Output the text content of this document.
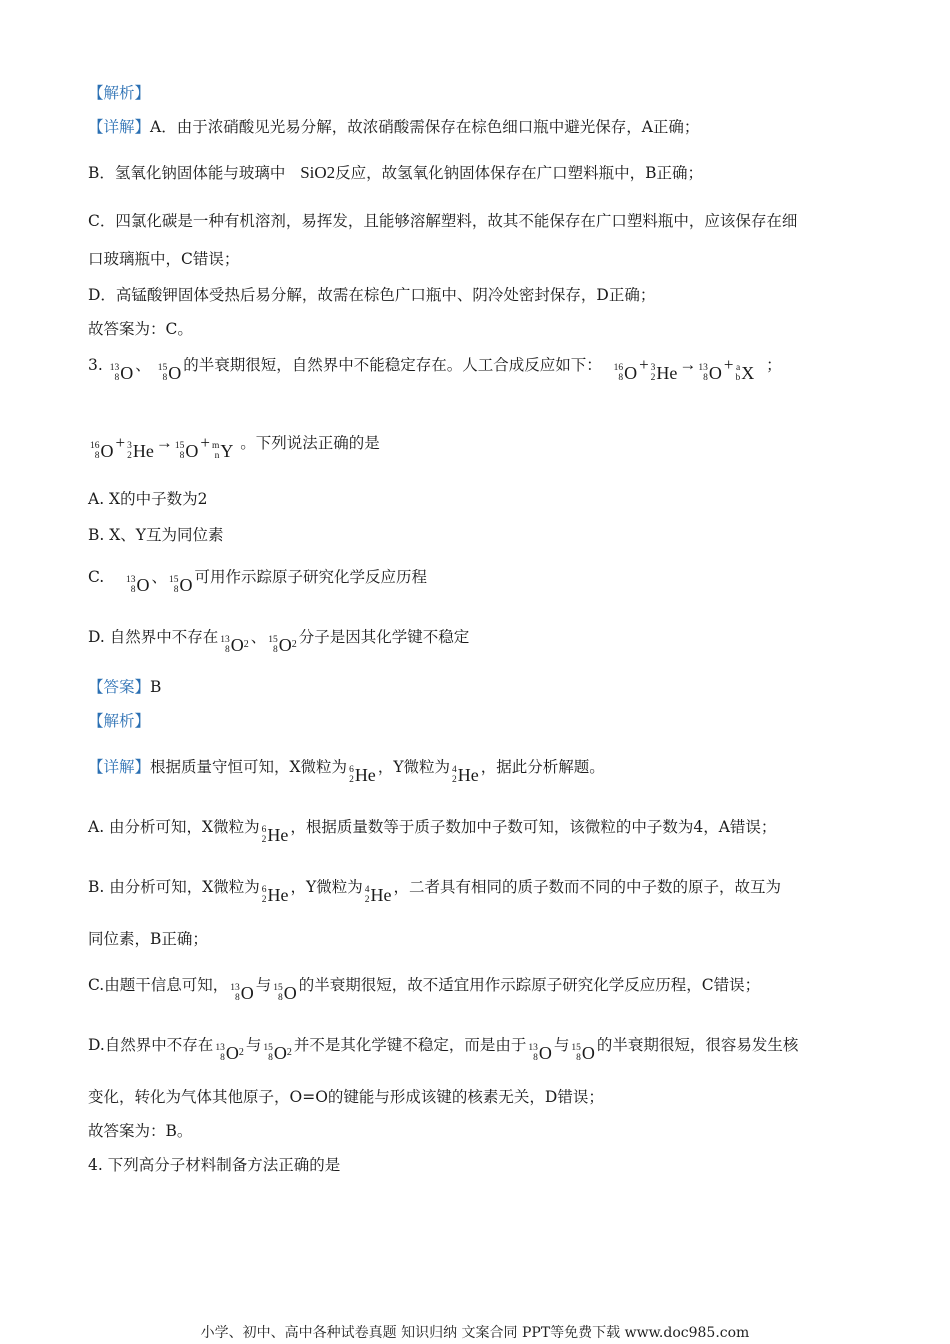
【解析】
【详解】A．由于浓硝酸见光易分解，故浓硝酸需保存在棕色细口瓶中避光保存，A正确；
B．氢氧化钠固体能与玻璃中 SiO2反应，故氢氧化钠固体保存在广口塑料瓶中，B正确；
C．四氯化碳是一种有机溶剂，易挥发，且能够溶解塑料，故其不能保存在广口塑料瓶中，应该保存在细
口玻璃瓶中，C错误；
D．高锰酸钾固体受热后易分解，故需在棕色广口瓶中、阴冷处密封保存，D正确；
故答案为：C。
3. 13
8 O 、 15
8 O 的半衰期很短，自然界中不能稳定存在。人工合成反应如下： 16
8 O + 3
2 He → 13
8 O + a
b X ；
16
8 O + 3
2 He → 15
8 O + m
n Y 。下列说法正确的是
A. X的中子数为2
B. X、Y互为同位素
C. 13
8 O 、 15
8 O 可用作示踪原子研究化学反应历程
D. 自然界中不存在 13
8 O 2 、 15
8 O 2 分子是因其化学键不稳定
【答案】B
【解析】
【详解】根据质量守恒可知，X微粒为 6
2 He ，Y微粒为 4
2 He ，据此分析解题。
A. 由分析可知，X微粒为 6
2 He ，根据质量数等于质子数加中子数可知，该微粒的中子数为4，A错误；
B. 由分析可知，X微粒为 6
2 He ，Y微粒为 4
2 He ，二者具有相同的质子数而不同的中子数的原子，故互为
同位素，B正确；
C.由题干信息可知， 13
8 O 与 15
8 O 的半衰期很短，故不适宜用作示踪原子研究化学反应历程，C错误；
D.自然界中不存在 13
8 O 2 与 15
8 O 2 并不是其化学键不稳定，而是由于 13
8 O 与 15
8 O 的半衰期很短，很容易发生核
变化，转化为气体其他原子，O=O的键能与形成该键的核素无关，D错误；
故答案为：B。
4. 下列高分子材料制备方法正确的是
小学、初中、高中各种试卷真题 知识归纳 文案合同 PPT等免费下载 www.doc985.com
